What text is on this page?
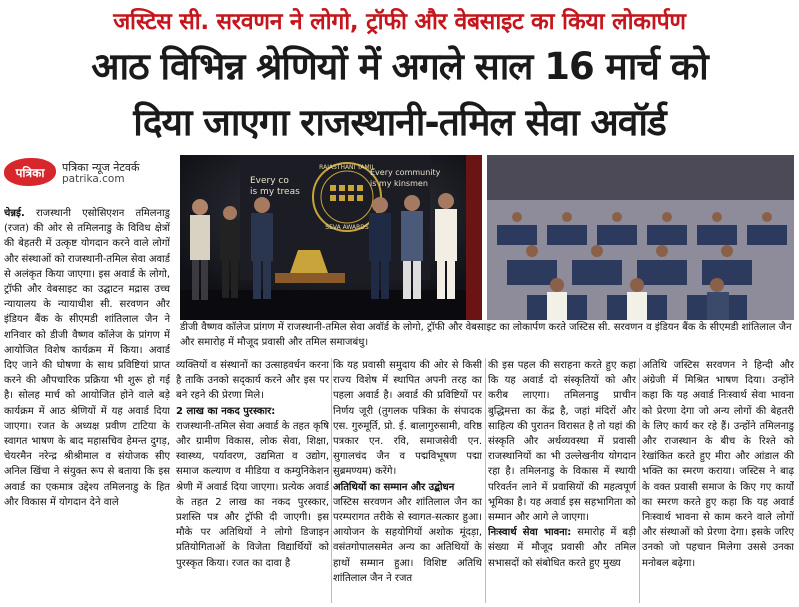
जस्टिस सी. सरवणन ने लोगो, ट्रॉफी और वेबसाइट का किया लोकार्पण
आठ विभिन्न श्रेणियों में अगले साल 16 मार्च को
दिया जाएगा राजस्थानी-तमिल सेवा अवॉर्ड
पत्रिका	पत्रिका न्यूज नेटवर्क
patrika.com	Every co
is my treas
RAJASTHANI TAMIL
SEVA AWARDS
Every community
is my kinsmen
डीजी वैष्णव कॉलेज प्रांगण में राजस्थानी-तमिल सेवा अवॉर्ड के लोगो, ट्रॉफी और वेबसाइट का लोकार्पण करते जस्टिस सी. सरवणन व इंडियन बैंक के सीएमडी शांतिलाल जैन और समारोह में मौजूद प्रवासी और तमिल समाजबंधु।
चेन्नई. राजस्थानी एसोसिएशन तमिलनाडु (रजत) की ओर से तमिलनाडु के विविध क्षेत्रों की बेहतरी में उत्कृष्ट योगदान करने वाले लोगों और संस्थाओं को राजस्थानी-तमिल सेवा अवार्ड से अलंकृत किया जाएगा। इस अवार्ड के लोगो, ट्रॉफी और वेबसाइट का उद्घाटन मद्रास उच्च न्यायालय के न्यायाधीश सी. सरवणन और इंडियन बैंक के सीएमडी शांतिलाल जैन ने शनिवार को डीजी वैष्णव कॉलेज के प्रांगण में आयोजित विशेष कार्यक्रम में किया। अवार्ड दिए जाने की घोषणा के साथ प्रविष्टियां प्राप्त करने की औपचारिक प्रक्रिया भी शुरू हो गई है। सोलह मार्च को आयोजित होने वाले बड़े कार्यक्रम में आठ श्रेणियों में यह अवार्ड दिया जाएगा। रजत के अध्यक्ष प्रवीण टाटिया के स्वागत भाषण के बाद महासचिव हेमन्त दुगड़, चेयरमैन नरेन्द्र श्रीश्रीमाल व संयोजक सीए अनिल खिंचा ने संयुक्त रूप से बताया कि इस अवार्ड का एकमात्र उद्देश्य तमिलनाडु के हित और विकास में योगदान देने वाले
व्यक्तियों व संस्थानों का उत्साहवर्धन करना है ताकि उनको सद्कार्य करने और इस पर बने रहने की प्रेरणा मिले।
2 लाख का नकद पुरस्कार:
राजस्थानी-तमिल सेवा अवार्ड के तहत कृषि और ग्रामीण विकास, लोक सेवा, शिक्षा, स्वास्थ्य, पर्यावरण, उद्यमिता व उद्योग, समाज कल्याण व मीडिया व कम्युनिकेशन श्रेणी में अवार्ड दिया जाएगा। प्रत्येक अवार्ड के तहत 2 लाख का नकद पुरस्कार, प्रशस्ति पत्र और ट्रॉफी दी जाएगी। इस मौके पर अतिथियों ने लोगो डिजाइन प्रतियोगिताओं के विजेता विद्यार्थियों को पुरस्कृत किया। रजत का दावा है
कि यह प्रवासी समुदाय की ओर से किसी राज्य विशेष में स्थापित अपनी तरह का पहला अवार्ड है। अवार्ड की प्रविष्टियों पर निर्णय जूरी (तुगलक पत्रिका के संपादक एस. गुरुमूर्ति, प्रो. ई. बालागुरुसामी, वरिष्ठ पत्रकार एन. रवि, समाजसेवी एन. सुगालचंद जैन व पद्मविभूषण पद्मा सुब्रमण्यम) करेंगे।
अतिथियों का सम्मान और उद्बोधन
जस्टिस सरवणन और शांतिलाल जैन का परम्परागत तरीके से स्वागत-सत्कार हुआ। आयोजन के सहयोगियों अशोक मूंदड़ा, वसंतगोपालसमेत अन्य का अतिथियों के हाथों सम्मान हुआ। विशिष्ट अतिथि शांतिलाल जैन ने रजत
की इस पहल की सराहना करते हुए कहा कि यह अवार्ड दो संस्कृतियों को और करीब लाएगा। तमिलनाडु प्राचीन बुद्धिमत्ता का केंद्र है, जहां मंदिरों और साहित्य की पुरातन विरासत है तो यहां की संस्कृति और अर्थव्यवस्था में प्रवासी राजस्थानियों का भी उल्लेखनीय योगदान रहा है। तमिलनाडु के विकास में स्थायी परिवर्तन लाने में प्रवासियों की महत्वपूर्ण भूमिका है। यह अवार्ड इस सहभागिता को सम्मान और आगे ले जाएगा।
निःस्वार्थ सेवा भावना: समारोह में बड़ी संख्या में मौजूद प्रवासी और तमिल सभासदों को संबोधित करते हुए मुख्य
अतिथि जस्टिस सरवणन ने हिन्दी और अंग्रेजी में मिश्रित भाषण दिया। उन्होंने कहा कि यह अवार्ड निःस्वार्थ सेवा भावना को प्रेरणा देगा जो अन्य लोगों की बेहतरी के लिए कार्य कर रहे हैं। उन्होंने तमिलनाडु और राजस्थान के बीच के रिश्ते को रेखांकित करते हुए मीरा और आंडाल की भक्ति का स्मरण कराया। जस्टिस ने बाढ़ के वक्त प्रवासी समाज के किए गए कार्यों का स्मरण करते हुए कहा कि यह अवार्ड निःस्वार्थ भावना से काम करने वाले लोगों और संस्थाओं को प्रेरणा देगा। इसके जरिए उनको जो पहचान मिलेगा उससे उनका मनोबल बढ़ेगा।
